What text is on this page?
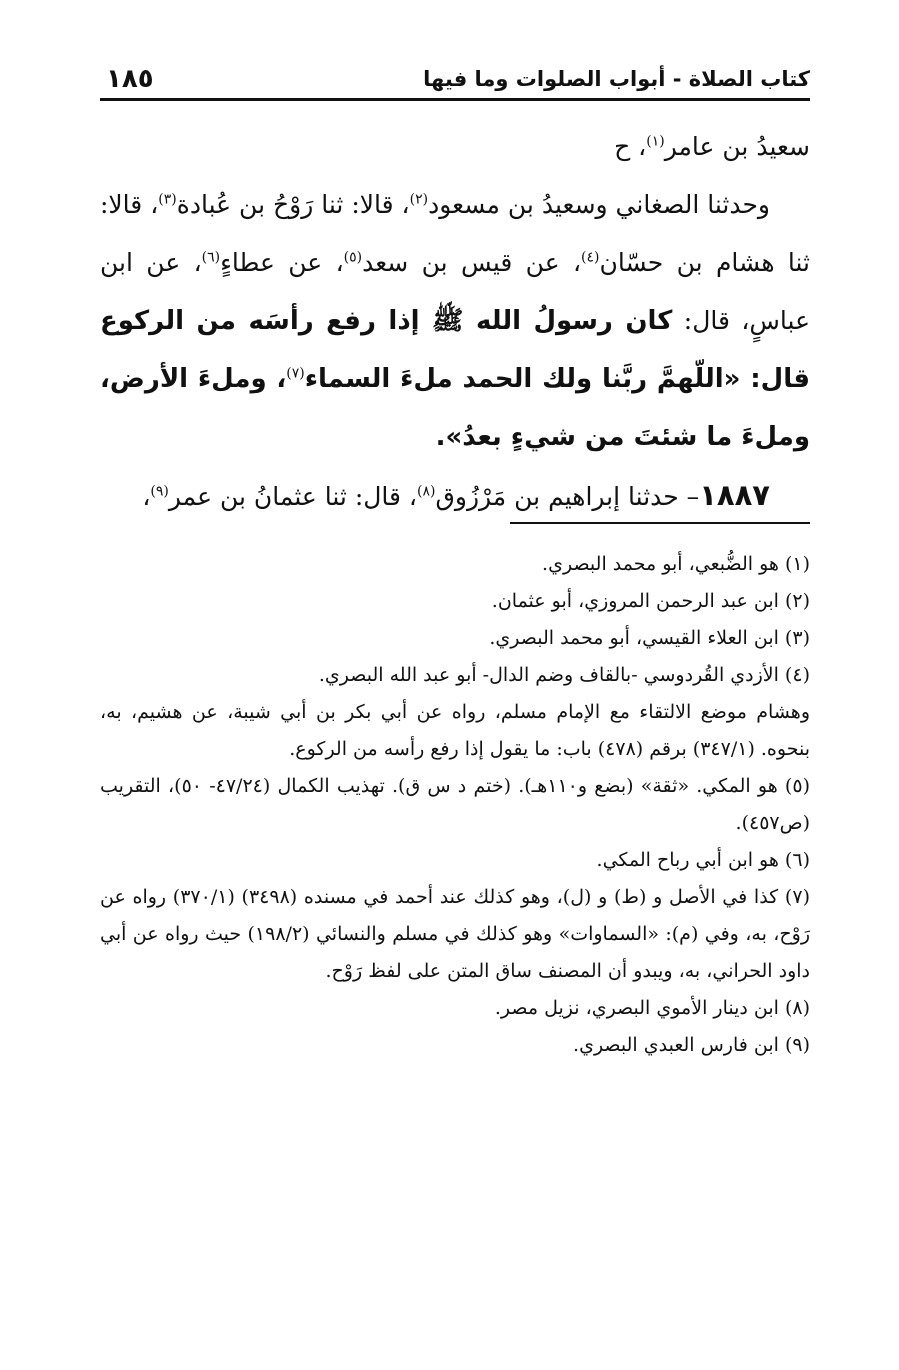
كتاب الصلاة - أبواب الصلوات وما فيها
١٨٥

سعيدُ بن عامر$^{(١)}$، ح

وحدثنا الصغاني وسعيدُ بن مسعود$^{(٢)}$، قالا: ثنا رَوْحُ بن عُبادة$^{(٣)}$، قالا: ثنا هشام بن حسّان$^{(٤)}$، عن قيس بن سعد$^{(٥)}$، عن عطاءٍ$^{(٦)}$، عن ابن عباسٍ، قال: كان رسولُ الله ﷺ إذا رفع رأسَه من الركوع قال: «اللّهمَّ ربَّنا ولك الحمد ملءَ السماء$^{(٧)}$، وملءَ الأرض، وملءَ ما شئتَ من شيءٍ بعدُ».

١٨٨٧– حدثنا إبراهيم بن مَرْزُوق$^{(٨)}$، قال: ثنا عثمانُ بن عمر$^{(٩)}$،

(١) هو الضُّبعي، أبو محمد البصري.

(٢) ابن عبد الرحمن المروزي، أبو عثمان.

(٣) ابن العلاء القيسي، أبو محمد البصري.

(٤) الأزدي القُردوسي -بالقاف وضم الدال- أبو عبد الله البصري.

وهشام موضع الالتقاء مع الإمام مسلم، رواه عن أبي بكر بن أبي شيبة، عن هشيم، به، بنحوه. (٣٤٧/١) برقم (٤٧٨) باب: ما يقول إذا رفع رأسه من الركوع.

(٥) هو المكي. «ثقة» (بضع و١١٠هـ). (ختم د س ق). تهذيب الكمال (٤٧/٢٤- ٥٠)، التقريب (ص٤٥٧).

(٦) هو ابن أبي رباح المكي.

(٧) كذا في الأصل و (ط) و (ل)، وهو كذلك عند أحمد في مسنده (٣٤٩٨) (٣٧٠/١) رواه عن رَوْح، به، وفي (م): «السماوات» وهو كذلك في مسلم والنسائي (١٩٨/٢) حيث رواه عن أبي داود الحراني، به، ويبدو أن المصنف ساق المتن على لفظ رَوْح.

(٨) ابن دينار الأموي البصري، نزيل مصر.

(٩) ابن فارس العبدي البصري.
